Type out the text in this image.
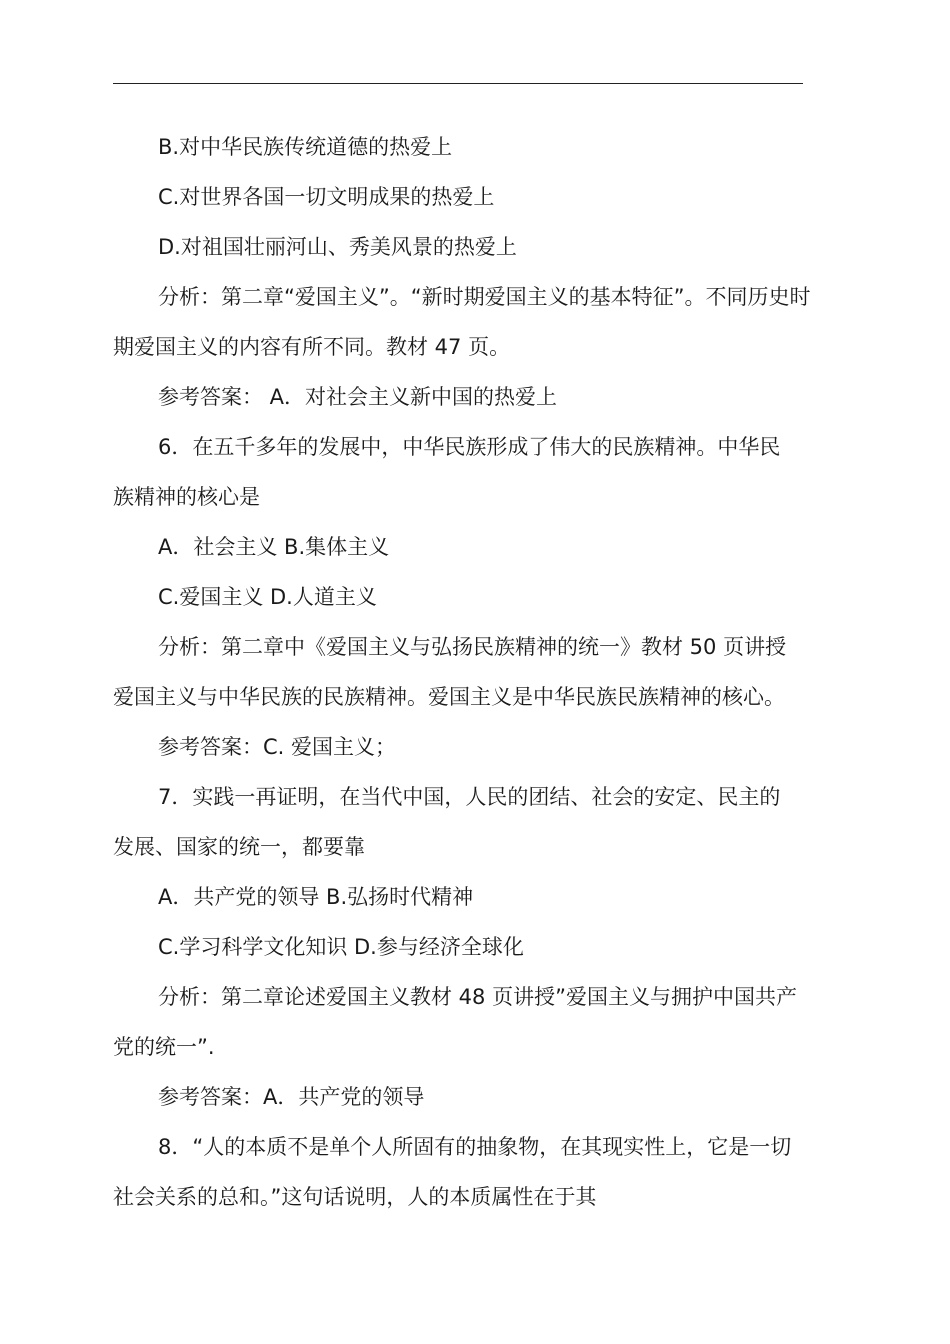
B.对中华民族传统道德的热爱上

C.对世界各国一切文明成果的热爱上

D.对祖国壮丽河山、秀美风景的热爱上

分析：第二章“爱国主义”。“新时期爱国主义的基本特征”。不同历史时

期爱国主义的内容有所不同。教材 47 页。

参考答案： A．对社会主义新中国的热爱上

6．在五千多年的发展中，中华民族形成了伟大的民族精神。中华民

族精神的核心是

A．社会主义 B.集体主义

C.爱国主义 D.人道主义

分析：第二章中《爱国主义与弘扬民族精神的统一》教材 50 页讲授

爱国主义与中华民族的民族精神。爱国主义是中华民族民族精神的核心。

参考答案：C. 爱国主义；

7．实践一再证明，在当代中国，人民的团结、社会的安定、民主的

发展、国家的统一，都要靠

A．共产党的领导 B.弘扬时代精神

C.学习科学文化知识 D.参与经济全球化

分析：第二章论述爱国主义教材 48 页讲授”爱国主义与拥护中国共产

党的统一”.

参考答案：A．共产党的领导

8．“人的本质不是单个人所固有的抽象物，在其现实性上，它是一切

社会关系的总和。”这句话说明，人的本质属性在于其
